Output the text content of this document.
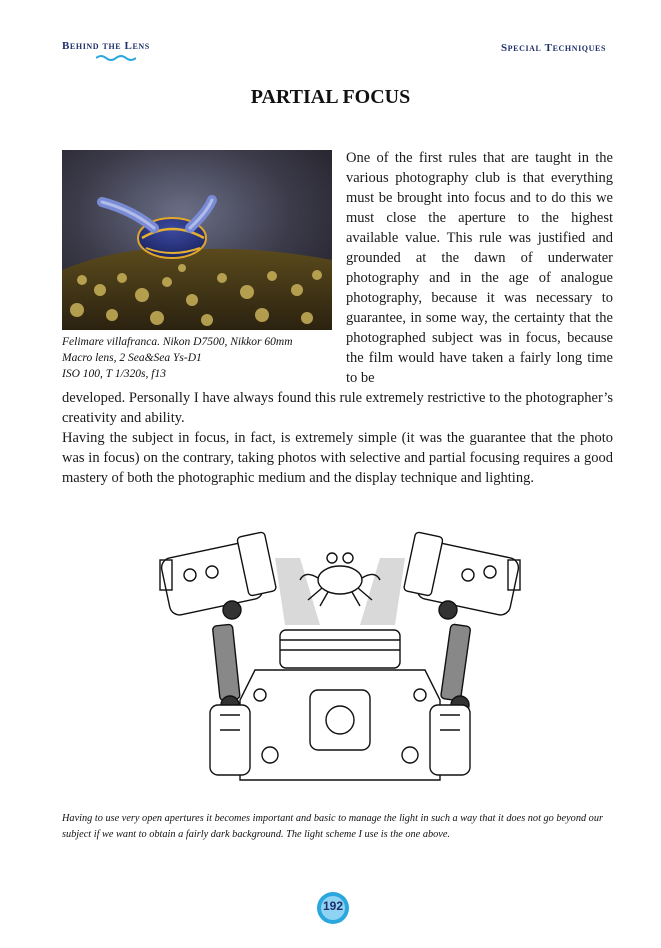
Behind the Lens	Special Techniques
PARTIAL FOCUS
Felimare villafranca. Nikon D7500, Nikkor 60mm
Macro lens, 2 Sea&Sea Ys-D1
ISO 100, T 1/320s, f13
One of the first rules that are taught in the various photography club is that everything must be brought into focus and to do this we must close the aperture to the highest available value. This rule was justified and grounded at the dawn of underwater photography and in the age of analogue photography, because it was necessary to guarantee, in some way, the certainty that the photographed subject was in focus, because the film would have taken a fairly long time to be

developed. Personally I have always found this rule extremely restrictive to the photographer’s creativity and ability.

Having the subject in focus, in fact, is extremely simple (it was the guarantee that the photo was in focus) on the contrary, taking photos with selective and partial focusing requires a good mastery of both the photographic medium and the display technique and lighting.

Having to use very open apertures it becomes important and basic to manage the light in such a way that it does not go beyond our subject if we want to obtain a fairly dark background. The light scheme I use is the one above.
192
